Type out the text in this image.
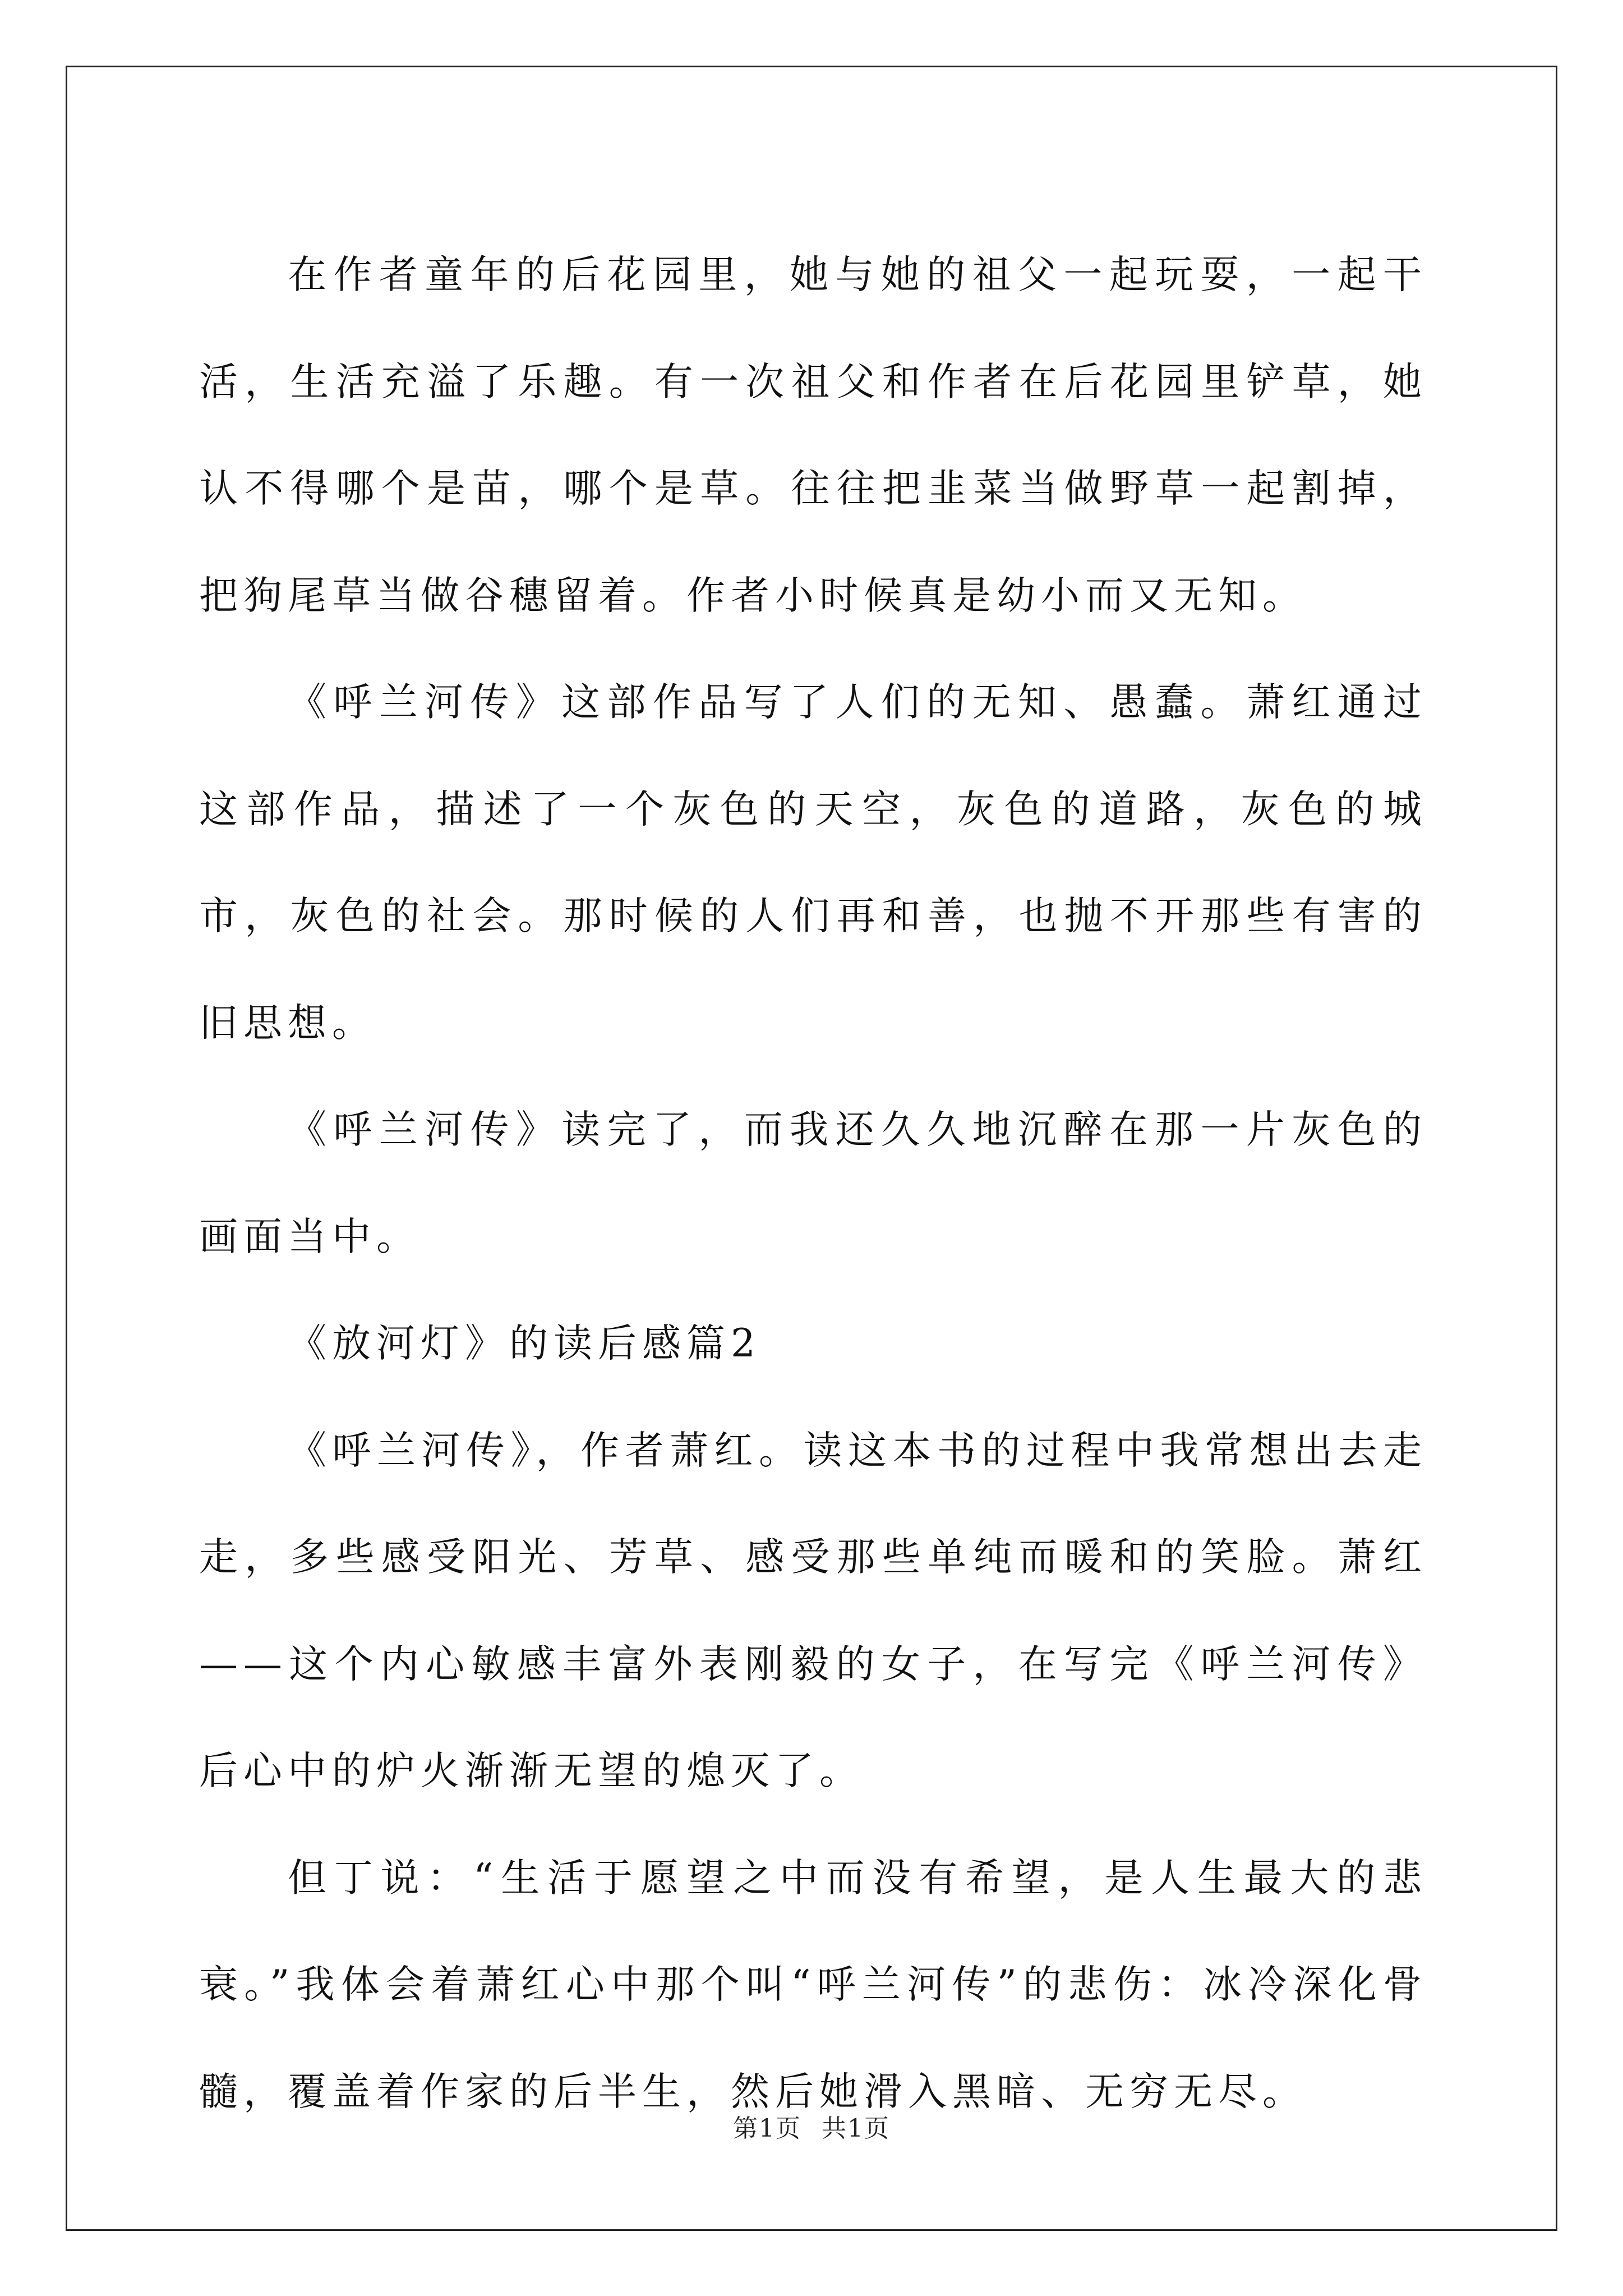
在作者童年的后花园里，她与她的祖父一起玩耍，一起干活，生活充溢了乐趣。有一次祖父和作者在后花园里铲草，她认不得哪个是苗，哪个是草。往往把韭菜当做野草一起割掉，把狗尾草当做谷穗留着。作者小时候真是幼小而又无知。

《呼兰河传》这部作品写了人们的无知、愚蠢。萧红通过这部作品，描述了一个灰色的天空，灰色的道路，灰色的城市，灰色的社会。那时候的人们再和善，也抛不开那些有害的旧思想。

《呼兰河传》读完了，而我还久久地沉醉在那一片灰色的画面当中。

《放河灯》的读后感篇2

《呼兰河传》，作者萧红。读这本书的过程中我常想出去走走，多些感受阳光、芳草、感受那些单纯而暖和的笑脸。萧红——这个内心敏感丰富外表刚毅的女子，在写完《呼兰河传》后心中的炉火渐渐无望的熄灭了。

但丁说：“生活于愿望之中而没有希望，是人生最大的悲衰。”我体会着萧红心中那个叫“呼兰河传”的悲伤：冰冷深化骨髓，覆盖着作家的后半生，然后她滑入黑暗、无穷无尽。

第1页 共1页
